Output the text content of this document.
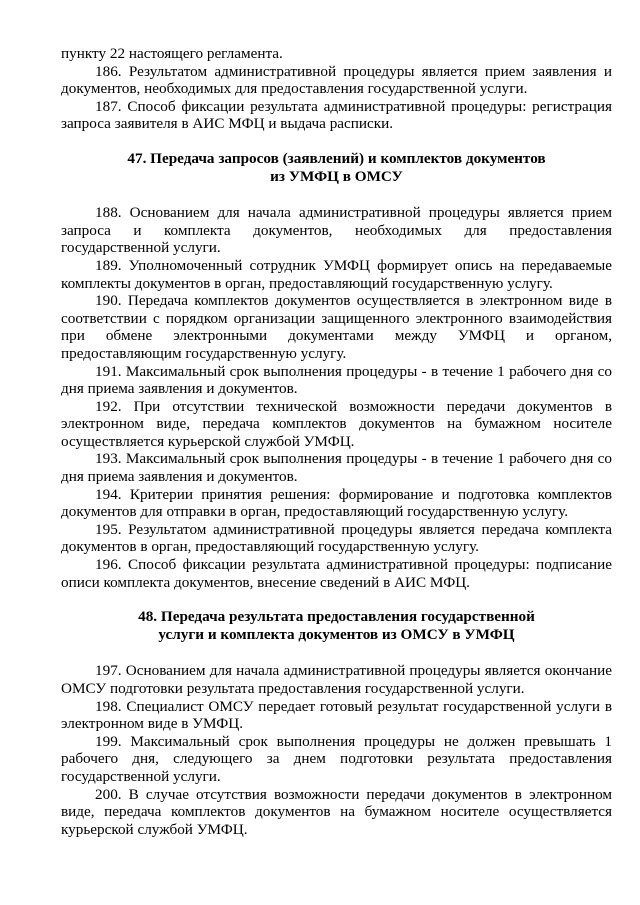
пункту 22 настоящего регламента.

186. Результатом административной процедуры является прием заявления и документов, необходимых для предоставления государственной услуги.

187. Способ фиксации результата административной процедуры: регистрация запроса заявителя в АИС МФЦ и выдача расписки.

47. Передача запросов (заявлений) и комплектов документов
из УМФЦ в ОМСУ

188. Основанием для начала административной процедуры является прием запроса и комплекта документов, необходимых для предоставления государственной услуги.

189. Уполномоченный сотрудник УМФЦ формирует опись на передаваемые комплекты документов в орган, предоставляющий государственную услугу.

190. Передача комплектов документов осуществляется в электронном виде в соответствии с порядком организации защищенного электронного взаимодействия при обмене электронными документами между УМФЦ и органом, предоставляющим государственную услугу.

191. Максимальный срок выполнения процедуры - в течение 1 рабочего дня со дня приема заявления и документов.

192. При отсутствии технической возможности передачи документов в электронном виде, передача комплектов документов на бумажном носителе осуществляется курьерской службой УМФЦ.

193. Максимальный срок выполнения процедуры - в течение 1 рабочего дня со дня приема заявления и документов.

194. Критерии принятия решения: формирование и подготовка комплектов документов для отправки в орган, предоставляющий государственную услугу.

195. Результатом административной процедуры является передача комплекта документов в орган, предоставляющий государственную услугу.

196. Способ фиксации результата административной процедуры: подписание описи комплекта документов, внесение сведений в АИС МФЦ.

48. Передача результата предоставления государственной
услуги и комплекта документов из ОМСУ в УМФЦ

197. Основанием для начала административной процедуры является окончание ОМСУ подготовки результата предоставления государственной услуги.

198. Специалист ОМСУ передает готовый результат государственной услуги в электронном виде в УМФЦ.

199. Максимальный срок выполнения процедуры не должен превышать 1 рабочего дня, следующего за днем подготовки результата предоставления государственной услуги.

200. В случае отсутствия возможности передачи документов в электронном виде, передача комплектов документов на бумажном носителе осуществляется курьерской службой УМФЦ.
